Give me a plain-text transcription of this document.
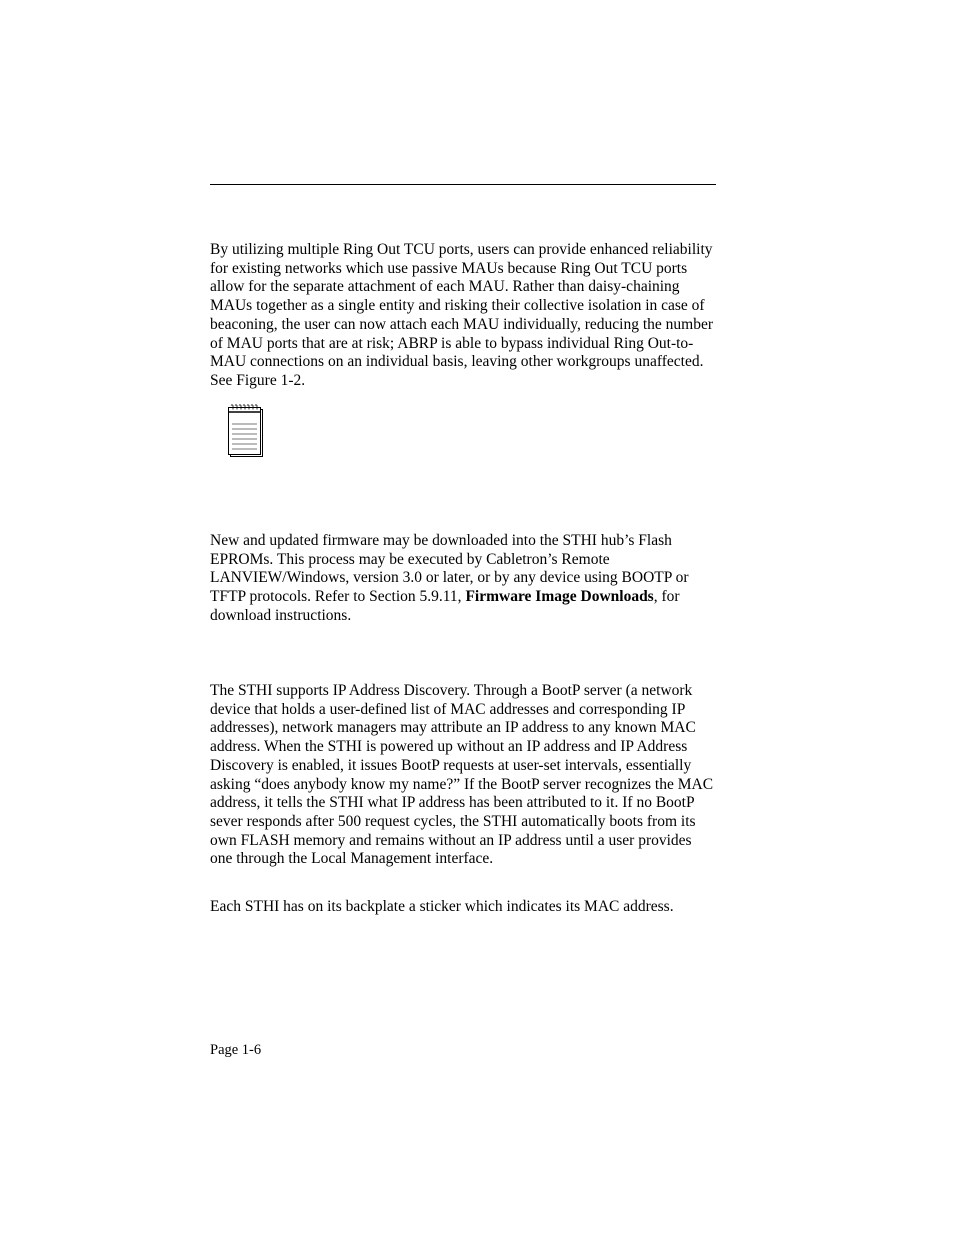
By utilizing multiple Ring Out TCU ports, users can provide enhanced reliability for existing networks which use passive MAUs because Ring Out TCU ports allow for the separate attachment of each MAU. Rather than daisy-chaining MAUs together as a single entity and risking their collective isolation in case of beaconing, the user can now attach each MAU individually, reducing the number of MAU ports that are at risk; ABRP is able to bypass individual Ring Out-to-MAU connections on an individual basis, leaving other workgroups unaffected. See Figure 1-2.

New and updated firmware may be downloaded into the STHI hub’s Flash EPROMs. This process may be executed by Cabletron’s Remote LANVIEW/Windows, version 3.0 or later, or by any device using BOOTP or TFTP protocols. Refer to Section 5.9.11, Firmware Image Downloads, for download instructions.

The STHI supports IP Address Discovery. Through a BootP server (a network device that holds a user-defined list of MAC addresses and corresponding IP addresses), network managers may attribute an IP address to any known MAC address. When the STHI is powered up without an IP address and IP Address Discovery is enabled, it issues BootP requests at user-set intervals, essentially asking “does anybody know my name?” If the BootP server recognizes the MAC address, it tells the STHI what IP address has been attributed to it. If no BootP sever responds after 500 request cycles, the STHI automatically boots from its own FLASH memory and remains without an IP address until a user provides one through the Local Management interface.

Each STHI has on its backplate a sticker which indicates its MAC address.

Page 1-6
